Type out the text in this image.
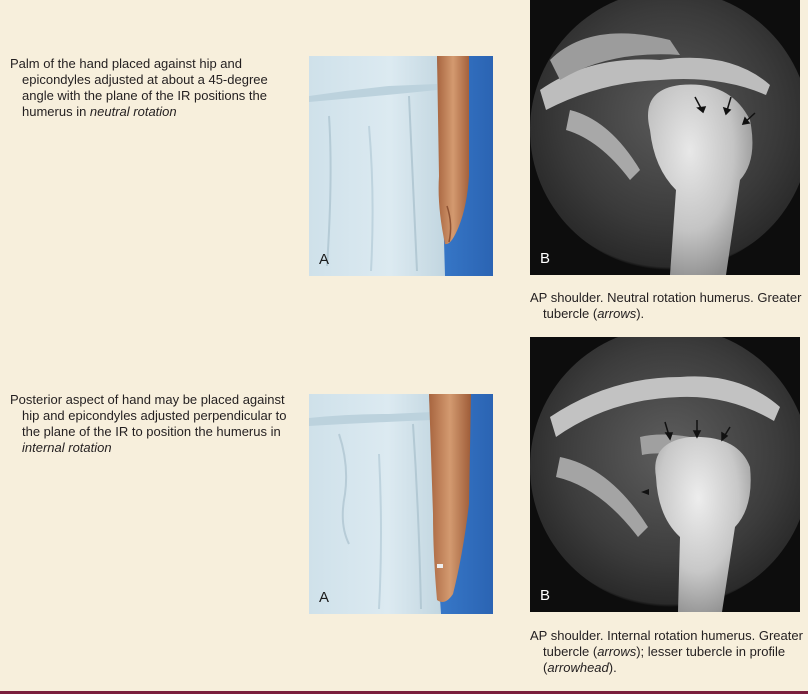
Palm of the hand placed against hip and epicondyles adjusted at about a 45-degree angle with the plane of the IR positions the humerus in neutral rotation
A	B
AP shoulder. Neutral rotation humerus. Greater tubercle (arrows).
Posterior aspect of hand may be placed against hip and epicondyles adjusted perpendicular to the plane of the IR to position the humerus in internal rotation
A	B
AP shoulder. Internal rotation humerus. Greater tubercle (arrows); lesser tubercle in profile (arrowhead).
